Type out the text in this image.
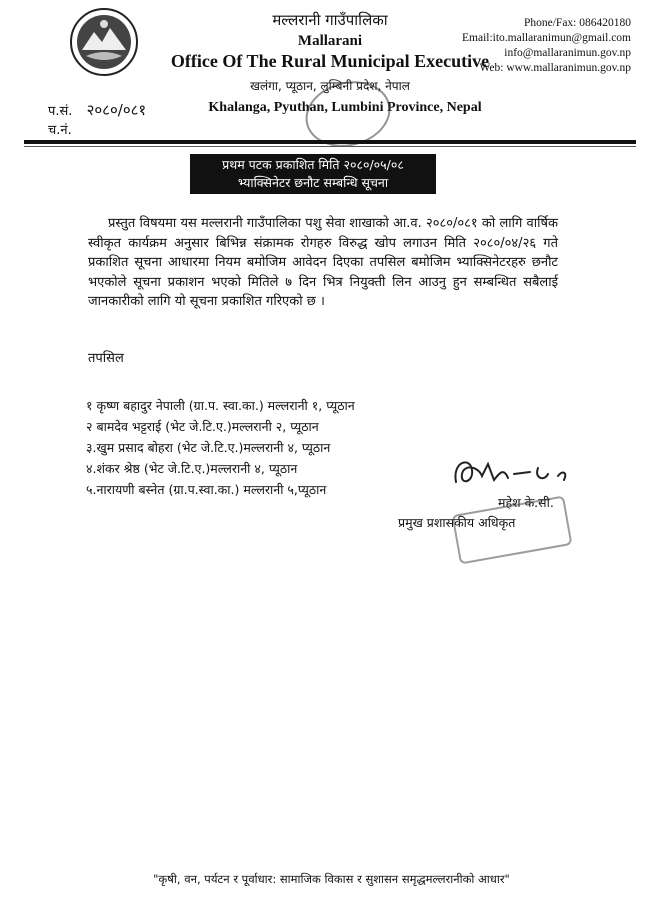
मल्लरानी गाउँपालिका
Mallarani
Office Of The Rural Municipal Executive
खलंगा, प्यूठान, लुम्बिनी प्रदेश, नेपाल
Khalanga, Pyuthan, Lumbini Province, Nepal
Phone/Fax: 086420180
Email:ito.mallaranimun@gmail.com
info@mallaranimun.gov.np
Web: www.mallaranimun.gov.np
प.सं. २०८०/०८१
च.नं.
प्रथम पटक प्रकाशित मिति २०८०/०५/०८
भ्याक्सिनेटर छनौट सम्बन्धि सूचना
प्रस्तुत विषयमा यस मल्लरानी गाउँपालिका पशु सेवा शाखाको आ.व. २०८०/०८१ को लागि वार्षिक स्वीकृत कार्यक्रम अनुसार बिभिन्न संक्रामक रोगहरु विरुद्ध खोप लगाउन मिति २०८०/०४/२६ गते प्रकाशित सूचना आधारमा नियम बमोजिम आवेदन दिएका तपसिल बमोजिम भ्याक्सिनेटरहरु छनौट भएकोले सूचना प्रकाशन भएको मितिले ७ दिन भित्र नियुक्ती लिन आउनु हुन सम्बन्धित सबैलाई जानकारीको लागि यो सूचना प्रकाशित गरिएको छ ।
तपसिल
१ कृष्ण बहादुर नेपाली (ग्रा.प. स्वा.का.) मल्लरानी १, प्यूठान
२ बामदेव भट्टराई (भेट जे.टि.ए.)मल्लरानी २, प्यूठान
३.खुम प्रसाद बोहरा (भेट जे.टि.ए.)मल्लरानी ४, प्यूठान
४.शंकर श्रेष्ठ (भेट जे.टि.ए.)मल्लरानी ४, प्यूठान
५.नारायणी बस्नेत (ग्रा.प.स्वा.का.) मल्लरानी ५,प्यूठान
महेश के.सी.
प्रमुख प्रशासकीय अधिकृत
"कृषी, वन, पर्यटन र पूर्वाधार: सामाजिक विकास र सुशासन समृद्धमल्लरानीको आधार"
